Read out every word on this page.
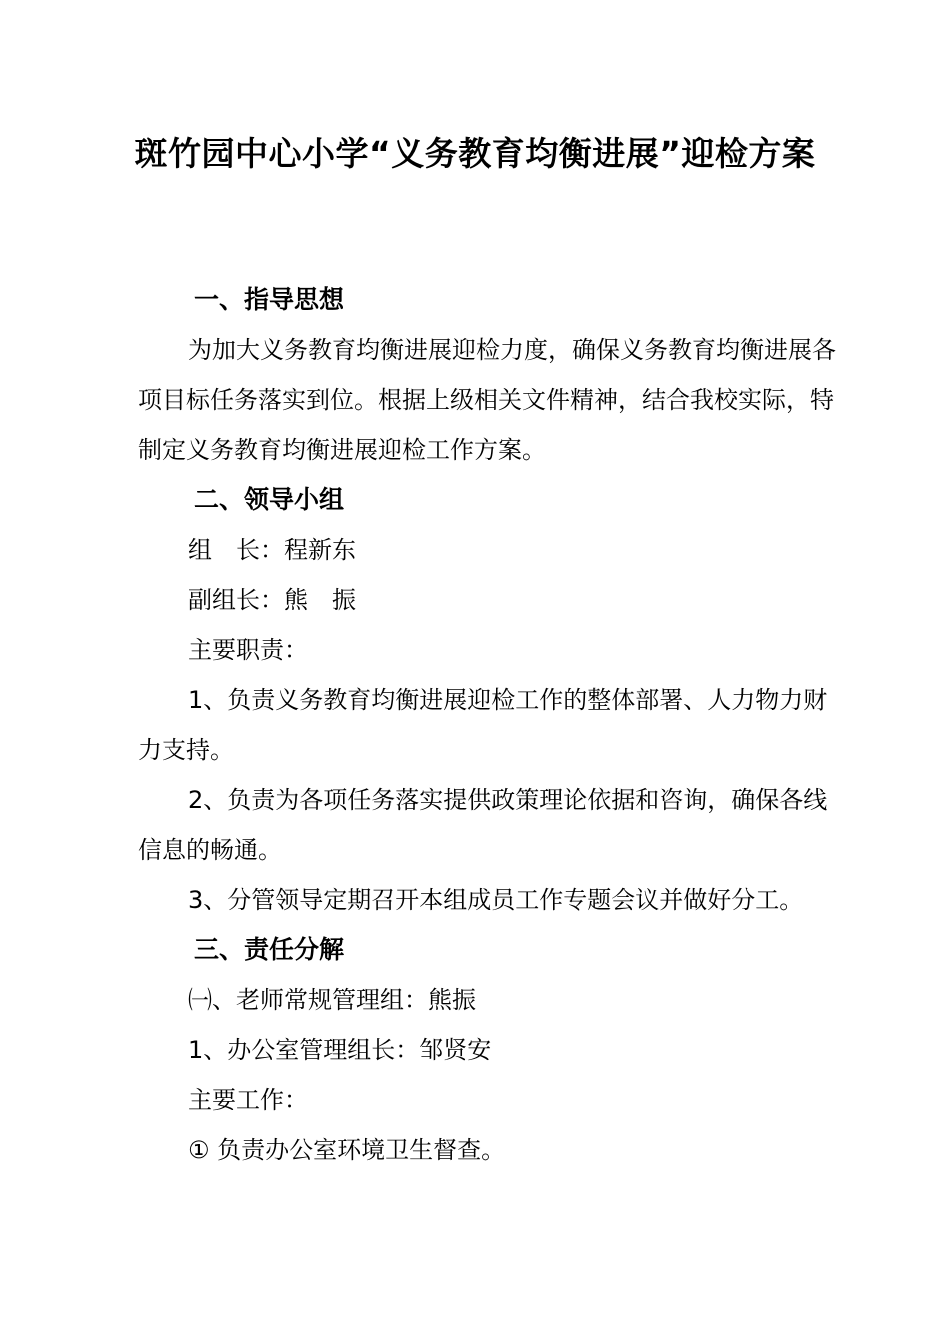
斑竹园中心小学“义务教育均衡进展”迎检方案
一、指导思想
为加大义务教育均衡进展迎检力度，确保义务教育均衡进展各项目标任务落实到位。根据上级相关文件精神，结合我校实际，特制定义务教育均衡进展迎检工作方案。
二、领导小组
组　长：程新东
副组长：熊　振
主要职责：
1、负责义务教育均衡进展迎检工作的整体部署、人力物力财力支持。
2、负责为各项任务落实提供政策理论依据和咨询，确保各线信息的畅通。
3、分管领导定期召开本组成员工作专题会议并做好分工。
三、责任分解
㈠、老师常规管理组：熊振
1、办公室管理组长：邹贤安
主要工作：
① 负责办公室环境卫生督查。
